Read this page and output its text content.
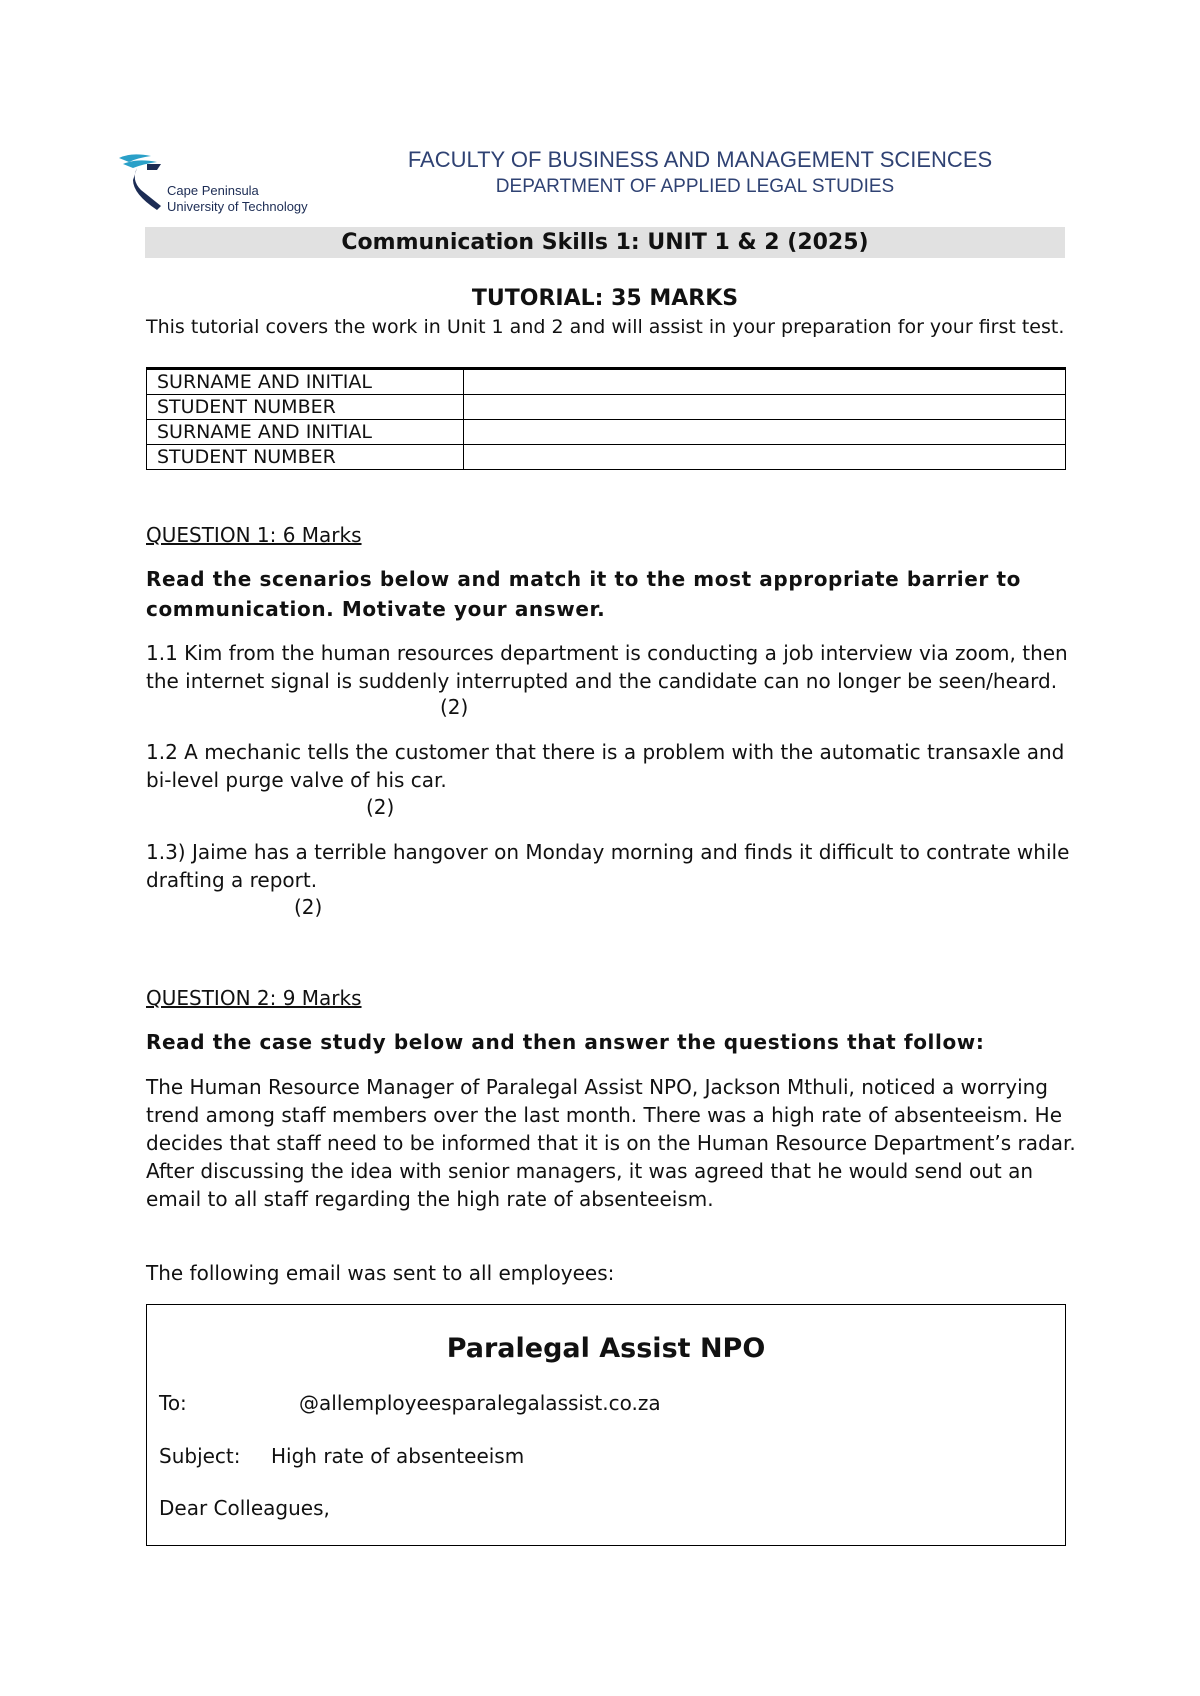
Cape Peninsula
University of Technology
FACULTY OF BUSINESS AND MANAGEMENT SCIENCES
DEPARTMENT OF APPLIED LEGAL STUDIES
Communication Skills 1: UNIT 1 & 2 (2025)
TUTORIAL: 35 MARKS
This tutorial covers the work in Unit 1 and 2 and will assist in your preparation for your first test.
SURNAME AND INITIAL	
STUDENT NUMBER	
SURNAME AND INITIAL	
STUDENT NUMBER	
QUESTION 1: 6 Marks
Read the scenarios below and match it to the most appropriate barrier to communication. Motivate your answer.
1.1 Kim from the human resources department is conducting a job interview via zoom, then the internet signal is suddenly interrupted and the candidate can no longer be seen/heard.
(2)
1.2 A mechanic tells the customer that there is a problem with the automatic transaxle and bi-level purge valve of his car.
(2)
1.3) Jaime has a terrible hangover on Monday morning and finds it difficult to contrate while drafting a report.
(2)
QUESTION 2: 9 Marks
Read the case study below and then answer the questions that follow:
The Human Resource Manager of Paralegal Assist NPO, Jackson Mthuli, noticed a worrying trend among staff members over the last month. There was a high rate of absenteeism. He decides that staff need to be informed that it is on the Human Resource Department’s radar. After discussing the idea with senior managers, it was agreed that he would send out an email to all staff regarding the high rate of absenteeism.
The following email was sent to all employees:
Paralegal Assist NPO
To:	@allemployeesparalegalassist.co.za
Subject: High rate of absenteeism
Dear Colleagues,
